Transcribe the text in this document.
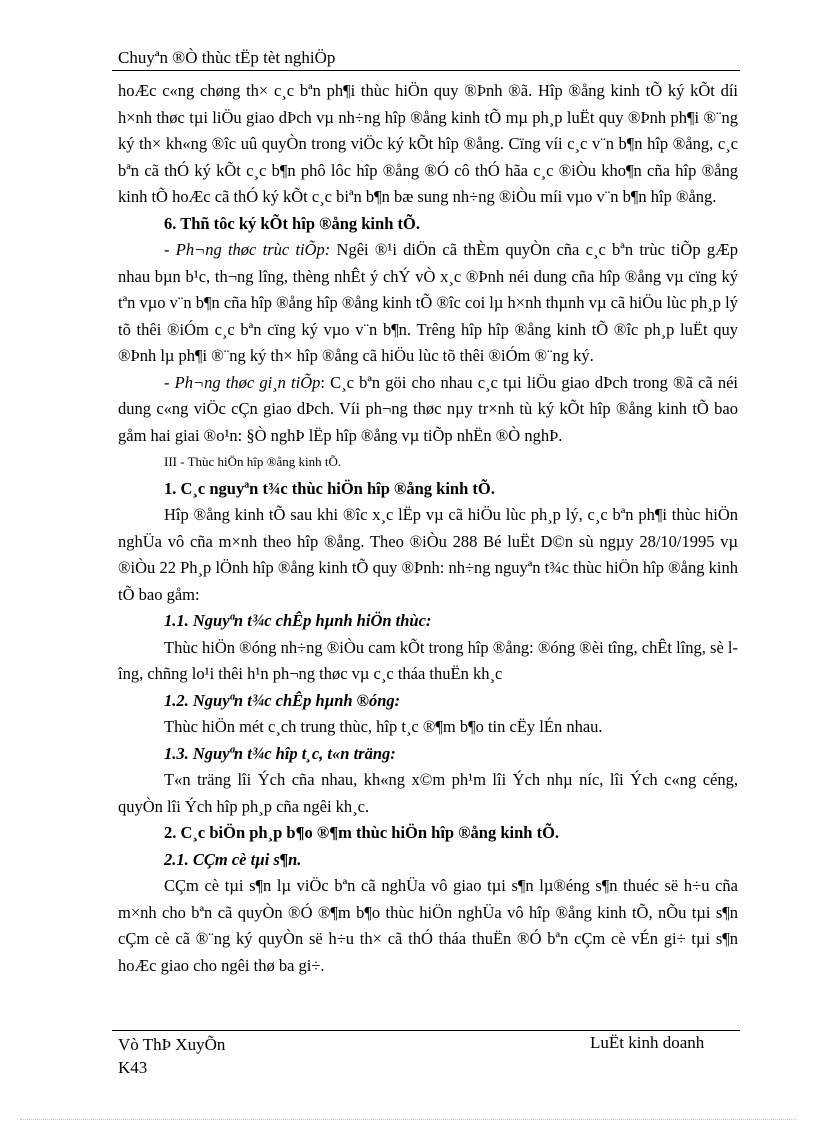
Chuyªn ®Ò thùc tËp tèt nghiÖp

hoÆc c«ng chøng th× c¸c bªn ph¶i thùc hiÖn quy ®Þnh ®ã. Hîp ®ång kinh tÕ ký kÕt díi h×nh thøc tµi liÖu giao dÞch vµ nh÷ng hîp ®ång kinh tÕ mµ ph¸p luËt quy ®Þnh ph¶i ®¨ng ký th× kh«ng ®îc uû quyÒn trong viÖc ký kÕt hîp ®ång. Cïng víi c¸c v¨n b¶n hîp ®ång, c¸c bªn cã thÓ ký kÕt c¸c b¶n phô lôc hîp ®ång ®Ó cô thÓ hãa c¸c ®iÒu kho¶n cña hîp ®ång kinh tÕ hoÆc cã thÓ ký kÕt c¸c biªn b¶n bæ sung nh÷ng ®iÒu míi vµo v¨n b¶n hîp ®ång.

6. Thñ tôc ký kÕt hîp ®ång kinh tÕ.

- Ph¬ng thøc trùc tiÕp: Ngêi ®¹i diÖn cã thÈm quyÒn cña c¸c bªn trùc tiÕp gÆp nhau bµn b¹c, th¬ng lîng, thèng nhÊt ý chÝ vÒ x¸c ®Þnh néi dung cña hîp ®ång vµ cïng ký tªn vµo v¨n b¶n cña hîp ®ång hîp ®ång kinh tÕ ®îc coi lµ h×nh thµnh vµ cã hiÖu lùc ph¸p lý tõ thêi ®iÓm c¸c bªn cïng ký vµo v¨n b¶n. Trêng hîp hîp ®ång kinh tÕ ®îc ph¸p luËt quy ®Þnh lµ ph¶i ®¨ng ký th× hîp ®ång cã hiÖu lùc tõ thêi ®iÓm ®¨ng ký.

- Ph¬ng thøc gi¸n tiÕp: C¸c bªn göi cho nhau c¸c tµi liÖu giao dÞch trong ®ã cã néi dung c«ng viÖc cÇn giao dÞch. Víi ph¬ng thøc nµy tr×nh tù ký kÕt hîp ®ång kinh tÕ bao gåm hai giai ®o¹n: §Ò nghÞ lËp hîp ®ång vµ tiÕp nhËn ®Ò nghÞ.

III - Thùc hiÖn hîp ®ång kinh tÕ.

1. C¸c nguyªn t¾c thùc hiÖn hîp ®ång kinh tÕ.

Hîp ®ång kinh tÕ sau khi ®îc x¸c lËp vµ cã hiÖu lùc ph¸p lý, c¸c bªn ph¶i thùc hiÖn nghÜa vô cña m×nh theo hîp ®ång. Theo ®iÒu 288 Bé luËt D©n sù ngµy 28/10/1995 vµ ®iÒu 22 Ph¸p lÖnh hîp ®ång kinh tÕ quy ®Þnh: nh÷ng nguyªn t¾c thùc hiÖn hîp ®ång kinh tÕ bao gåm:

1.1. Nguyªn t¾c chÊp hµnh hiÖn thùc:

Thùc hiÖn ®óng nh÷ng ®iÒu cam kÕt trong hîp ®ång: ®óng ®èi tîng, chÊt lîng, sè lîng, chñng lo¹i thêi h¹n ph¬ng thøc vµ c¸c tháa thuËn kh¸c

1.2. Nguyªn t¾c chÊp hµnh ®óng:

Thùc hiÖn mét c¸ch trung thùc, hîp t¸c ®¶m b¶o tin cËy lÉn nhau.

1.3. Nguyªn t¾c hîp t¸c, t«n träng:

T«n träng lîi Ých cña nhau, kh«ng x©m ph¹m lîi Ých nhµ níc, lîi Ých c«ng céng, quyÒn lîi Ých hîp ph¸p cña ngêi kh¸c.

2. C¸c biÖn ph¸p b¶o ®¶m thùc hiÖn hîp ®ång kinh tÕ.

2.1. CÇm cè tµi s¶n.

CÇm cè tµi s¶n lµ viÖc bªn cã nghÜa vô giao tµi s¶n lµ®éng s¶n thuéc së h÷u cña m×nh cho bªn cã quyÒn ®Ó ®¶m b¶o thùc hiÖn nghÜa vô hîp ®ång kinh tÕ, nÕu tµi s¶n cÇm cè cã ®¨ng ký quyÒn së h÷u th× cã thÓ tháa thuËn ®Ó bªn cÇm cè vÉn gi÷ tµi s¶n hoÆc giao cho ngêi thø ba gi÷.

Vò ThÞ XuyÕn
K43
LuËt kinh doanh
